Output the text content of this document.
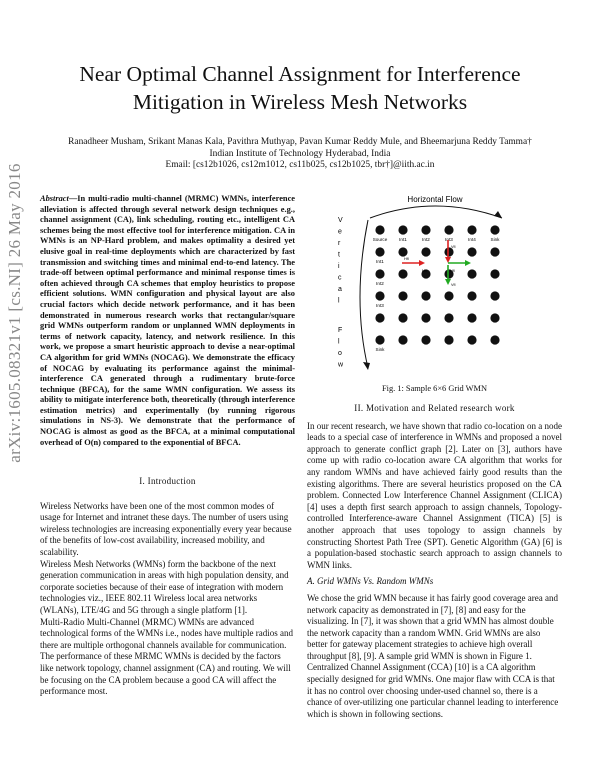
arXiv:1605.08321v1 [cs.NI] 26 May 2016
Near Optimal Channel Assignment for Interference
Mitigation in Wireless Mesh Networks
Ranadheer Musham, Srikant Manas Kala, Pavithra Muthyap, Pavan Kumar Reddy Mule, and Bheemarjuna Reddy Tamma†
Indian Institute of Technology Hyderabad, India
Email: [cs12b1026, cs12m1012, cs11b025, cs12b1025, tbr†]@iith.ac.in
Abstract—In multi-radio multi-channel (MRMC) WMNs, interference alleviation is affected through several network design techniques e.g., channel assignment (CA), link scheduling, routing etc., intelligent CA schemes being the most effective tool for interference mitigation. CA in WMNs is an NP-Hard problem, and makes optimality a desired yet elusive goal in real-time deployments which are characterized by fast transmission and switching times and minimal end-to-end latency. The trade-off between optimal performance and minimal response times is often achieved through CA schemes that employ heuristics to propose efficient solutions. WMN configuration and physical layout are also crucial factors which decide network performance, and it has been demonstrated in numerous research works that rectangular/square grid WMNs outperform random or unplanned WMN deployments in terms of network capacity, latency, and network resilience. In this work, we propose a smart heuristic approach to devise a near-optimal CA algorithm for grid WMNs (NOCAG). We demonstrate the efficacy of NOCAG by evaluating its performance against the minimal-interference CA generated through a rudimentary brute-force technique (BFCA), for the same WMN configuration. We assess its ability to mitigate interference both, theoretically (through interference estimation metrics) and experimentally (by running rigorous simulations in NS-3). We demonstrate that the performance of NOCAG is almost as good as the BFCA, at a minimal computational overhead of O(n) compared to the exponential of BFCA.
I. Introduction

Wireless Networks have been one of the most common modes of usage for Internet and intranet these days. The number of users using wireless technologies are increasing exponentially every year because of the benefits of low-cost availability, increased mobility, and scalability.

Wireless Mesh Networks (WMNs) form the backbone of the next generation communication in areas with high population density, and corporate societies because of their ease of integration with modern technologies viz., IEEE 802.11 Wireless local area networks (WLANs), LTE/4G and 5G through a single platform [1].

Multi-Radio Multi-Channel (MRMC) WMNs are advanced technological forms of the WMNs i.e., nodes have multiple radios and there are multiple orthogonal channels available for communication. The performance of these MRMC WMNs is decided by the factors like network topology, channel assignment (CA) and routing. We will be focusing on the CA problem because a good CA will affect the performance most.

Horizontal Flow
V
e
r
t
i
c
a
l
F
l
o
w
Source	Int1	Int2	Int3	Int4	Sink
Int1
Int2
Int3
Sink
Hfl
Vfl
Hfl
Vfl
Mfl
Fig. 1: Sample 6×6 Grid WMN
II. Motivation and Related research work

In our recent research, we have shown that radio co-location on a node leads to a special case of interference in WMNs and proposed a novel approach to generate conflict graph [2]. Later on [3], authors have come up with radio co-location aware CA algorithm that works for any random WMNs and have achieved fairly good results than the existing algorithms. There are several heuristics proposed on the CA problem. Connected Low Interference Channel Assignment (CLICA) [4] uses a depth first search approach to assign channels, Topology-controlled Interference-aware Channel Assignment (TICA) [5] is another approach that uses topology to assign channels by constructing Shortest Path Tree (SPT). Genetic Algorithm (GA) [6] is a population-based stochastic search approach to assign channels to WMN links.

A. Grid WMNs Vs. Random WMNs

We chose the grid WMN because it has fairly good coverage area and network capacity as demonstrated in [7], [8] and easy for the visualizing. In [7], it was shown that a grid WMN has almost double the network capacity than a random WMN. Grid WMNs are also better for gateway placement strategies to achieve high overall throughput [8], [9]. A sample grid WMN is shown in Figure 1.

Centralized Channel Assignment (CCA) [10] is a CA algorithm specially designed for grid WMNs. One major flaw with CCA is that it has no control over choosing under-used channel so, there is a chance of over-utilizing one particular channel leading to interference which is shown in following sections.
